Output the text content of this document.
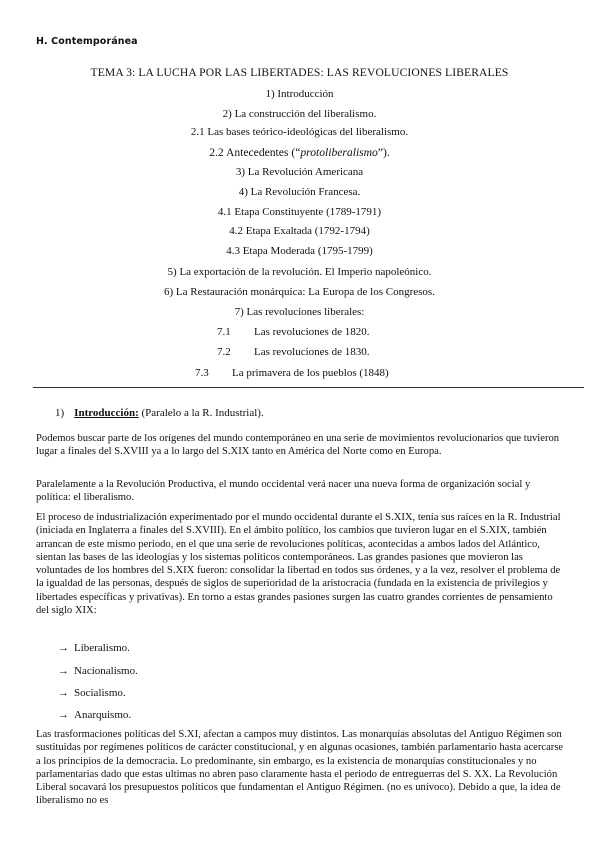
H. Contemporánea
TEMA 3: LA LUCHA POR LAS LIBERTADES: LAS REVOLUCIONES LIBERALES
1) Introducción
2) La construcción del liberalismo.
2.1 Las bases teórico-ideológicas del liberalismo.
2.2 Antecedentes (“protoliberalismo”).
3) La Revolución Americana
4) La Revolución Francesa.
4.1 Etapa Constituyente (1789-1791)
4.2 Etapa Exaltada (1792-1794)
4.3 Etapa Moderada (1795-1799)
5) La exportación de la revolución. El Imperio napoleónico.
6) La Restauración monárquica: La Europa de los Congresos.
7) Las revoluciones liberales:
7.1 Las revoluciones de 1820.
7.2 Las revoluciones de 1830.
7.3 La primavera de los pueblos (1848)
1) Introducción: (Paralelo a la R. Industrial).

Podemos buscar parte de los orígenes del mundo contemporáneo en una serie de movimientos revolucionarios que tuvieron lugar a finales del S.XVIII ya a lo largo del S.XIX tanto en América del Norte como en Europa.

Paralelamente a la Revolución Productiva, el mundo occidental verá nacer una nueva forma de organización social y política: el liberalismo.

El proceso de industrialización experimentado por el mundo occidental durante el S.XIX, tenía sus raíces en la R. Industrial (iniciada en Inglaterra a finales del S.XVIII). En el ámbito político, los cambios que tuvieron lugar en el S.XIX, también arrancan de este mismo periodo, en el que una serie de revoluciones políticas, acontecidas a ambos lados del Atlántico, sientan las bases de las ideologías y los sistemas políticos contemporáneos. Las grandes pasiones que movieron las voluntades de los hombres del S.XIX fueron: consolidar la libertad en todos sus órdenes, y a la vez, resolver el problema de la igualdad de las personas, después de siglos de superioridad de la aristocracia (fundada en la existencia de privilegios y libertades específicas y privativas). En torno a estas grandes pasiones surgen las cuatro grandes corrientes de pensamiento del siglo XIX:

→ Liberalismo.
→ Nacionalismo.
→ Socialismo.
→ Anarquismo.

Las trasformaciones políticas del S.XI, afectan a campos muy distintos. Las monarquías absolutas del Antiguo Régimen son sustituidas por regímenes políticos de carácter constitucional, y en algunas ocasiones, también parlamentario hasta acercarse a los principios de la democracia. Lo predominante, sin embargo, es la existencia de monarquías constitucionales y no parlamentarias dado que estas ultimas no abren paso claramente hasta el periodo de entreguerras del S. XX. La Revolución Liberal socavará los presupuestos políticos que fundamentan el Antiguo Régimen. (no es unívoco). Debido a que, la idea de liberalismo no es
